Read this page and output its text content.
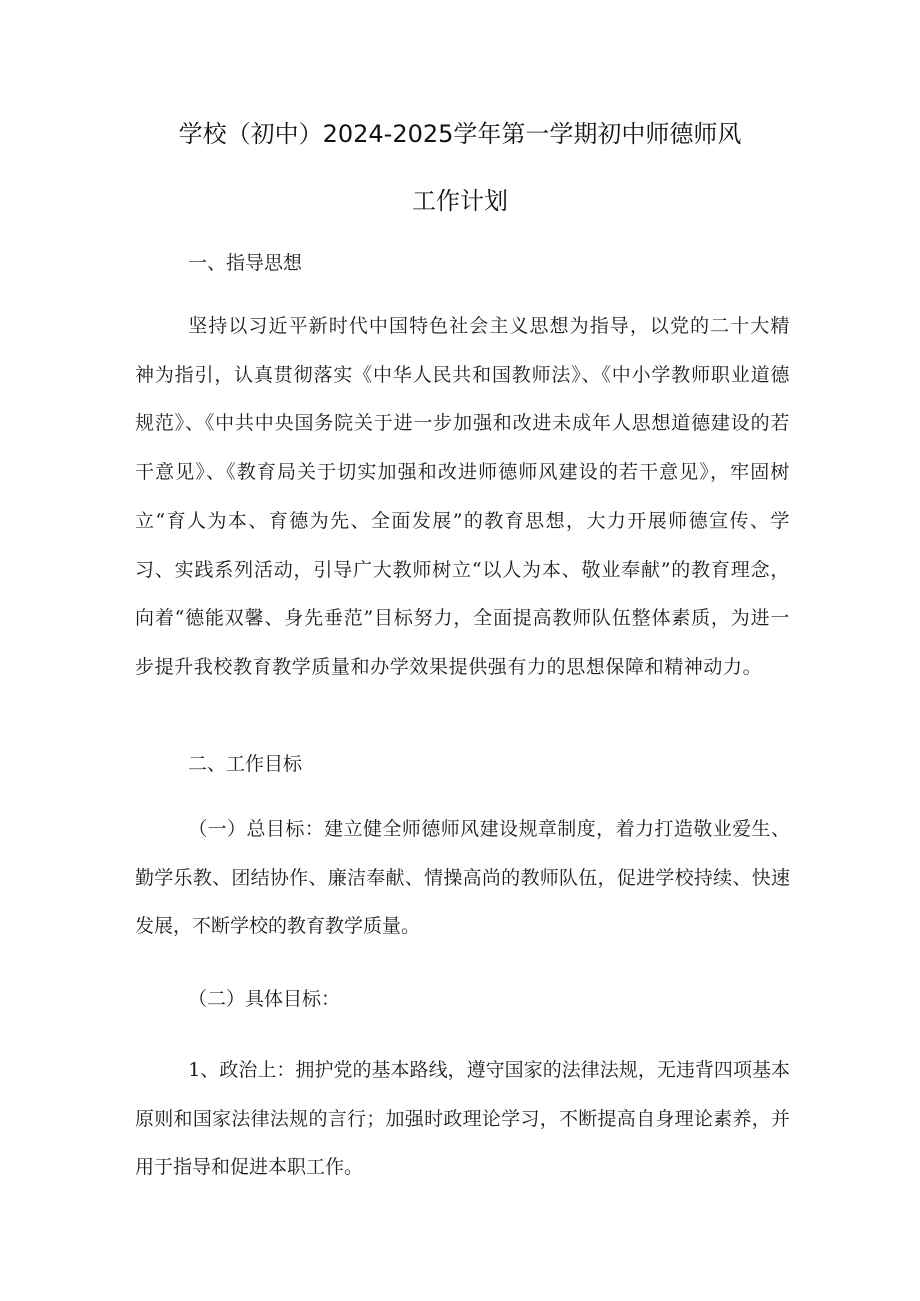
学校（初中）2024-2025学年第一学期初中师德师风
工作计划
一、指导思想

坚持以习近平新时代中国特色社会主义思想为指导，以党的二十大精神为指引，认真贯彻落实《中华人民共和国教师法》、《中小学教师职业道德规范》、《中共中央国务院关于进一步加强和改进未成年人思想道德建设的若干意见》、《教育局关于切实加强和改进师德师风建设的若干意见》，牢固树立“育人为本、育德为先、全面发展”的教育思想，大力开展师德宣传、学习、实践系列活动，引导广大教师树立“以人为本、敬业奉献”的教育理念，向着“德能双馨、身先垂范”目标努力，全面提高教师队伍整体素质，为进一步提升我校教育教学质量和办学效果提供强有力的思想保障和精神动力。

二、工作目标

（一）总目标：建立健全师德师风建设规章制度，着力打造敬业爱生、勤学乐教、团结协作、廉洁奉献、情操高尚的教师队伍，促进学校持续、快速发展，不断学校的教育教学质量。

（二）具体目标：

1、政治上：拥护党的基本路线，遵守国家的法律法规，无违背四项基本原则和国家法律法规的言行；加强时政理论学习，不断提高自身理论素养，并用于指导和促进本职工作。
